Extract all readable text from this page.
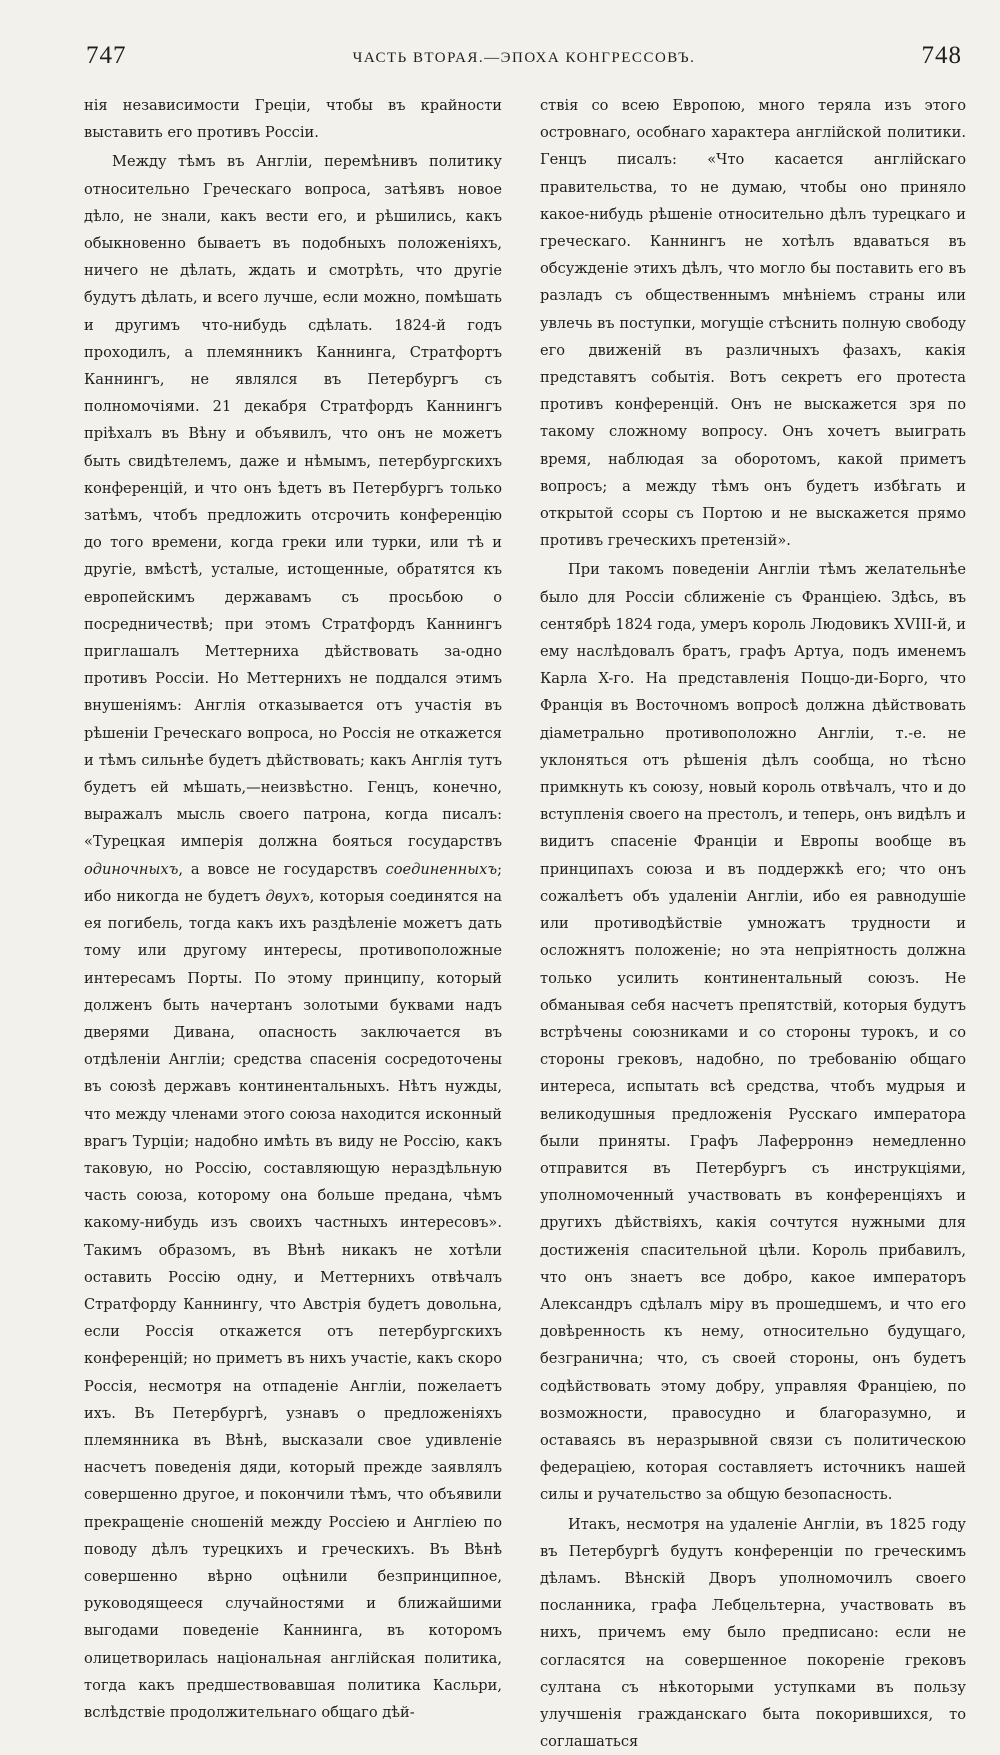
747	ЧАСТЬ ВТОРАЯ.—ЭПОХА КОНГРЕССОВЪ.	748

нія независимости Греціи, чтобы въ крайности выставить его противъ Россіи.

Между тѣмъ въ Англіи, перемѣнивъ политику относительно Греческаго вопроса, затѣявъ новое дѣло, не знали, какъ вести его, и рѣшились, какъ обыкновенно бываетъ въ подобныхъ положеніяхъ, ничего не дѣлать, ждать и смотрѣть, что другіе будутъ дѣлать, и всего лучше, если можно, помѣшать и другимъ что-нибудь сдѣлать. 1824-й годъ проходилъ, а племянникъ Каннинга, Стратфортъ Каннингъ, не являлся въ Петербургъ съ полномочіями. 21 декабря Стратфордъ Каннингъ пріѣхалъ въ Вѣну и объявилъ, что онъ не можетъ быть свидѣтелемъ, даже и нѣмымъ, петербургскихъ конференцій, и что онъ ѣдетъ въ Петербургъ только затѣмъ, чтобъ предложить отсрочить конференцію до того времени, когда греки или турки, или тѣ и другіе, вмѣстѣ, усталые, истощенные, обратятся къ европейскимъ державамъ съ просьбою о посредничествѣ; при этомъ Стратфордъ Каннингъ приглашалъ Меттерниха дѣйствовать за-одно противъ Россіи. Но Меттернихъ не поддался этимъ внушеніямъ: Англія отказывается отъ участія въ рѣшеніи Греческаго вопроса, но Россія не откажется и тѣмъ сильнѣе будетъ дѣйствовать; какъ Англія тутъ будетъ ей мѣшать,—неизвѣстно. Генцъ, конечно, выражалъ мысль своего патрона, когда писалъ: «Турецкая имперія должна бояться государствъ одиночныхъ, а вовсе не государствъ соединенныхъ; ибо никогда не будетъ двухъ, которыя соединятся на ея погибель, тогда какъ ихъ раздѣленіе можетъ дать тому или другому интересы, противоположные интересамъ Порты. По этому принципу, который долженъ быть начертанъ золотыми буквами надъ дверями Дивана, опасность заключается въ отдѣленіи Англіи; средства спасенія сосредоточены въ союзѣ державъ континентальныхъ. Нѣтъ нужды, что между членами этого союза находится исконный врагъ Турціи; надобно имѣть въ виду не Россію, какъ таковую, но Россію, составляющую нераздѣльную часть союза, которому она больше предана, чѣмъ какому-нибудь изъ своихъ частныхъ интересовъ». Такимъ образомъ, въ Вѣнѣ никакъ не хотѣли оставить Россію одну, и Меттернихъ отвѣчалъ Стратфорду Каннингу, что Австрія будетъ довольна, если Россія откажется отъ петербургскихъ конференцій; но приметъ въ нихъ участіе, какъ скоро Россія, несмотря на отпаденіе Англіи, пожелаетъ ихъ. Въ Петербургѣ, узнавъ о предложеніяхъ племянника въ Вѣнѣ, высказали свое удивленіе насчетъ поведенія дяди, который прежде заявлялъ совершенно другое, и покончили тѣмъ, что объявили прекращеніе сношеній между Россіею и Англіею по поводу дѣлъ турецкихъ и греческихъ. Въ Вѣнѣ совершенно вѣрно оцѣнили безпринципное, руководящееся случайностями и ближайшими выгодами поведеніе Каннинга, въ которомъ олицетворилась національная англійская политика, тогда какъ предшествовавшая политика Касльри, вслѣдствіе продолжительнаго общаго дѣй-

ствія со всею Европою, много теряла изъ этого островнаго, особнаго характера англійской политики. Генцъ писалъ: «Что касается англійскаго правительства, то не думаю, чтобы оно приняло какое-нибудь рѣшеніе относительно дѣлъ турецкаго и греческаго. Каннингъ не хотѣлъ вдаваться въ обсужденіе этихъ дѣлъ, что могло бы поставить его въ разладъ съ общественнымъ мнѣніемъ страны или увлечь въ поступки, могущіе стѣснить полную свободу его движеній въ различныхъ фазахъ, какія представятъ событія. Вотъ секретъ его протеста противъ конференцій. Онъ не выскажется зря по такому сложному вопросу. Онъ хочетъ выиграть время, наблюдая за оборотомъ, какой приметъ вопросъ; а между тѣмъ онъ будетъ избѣгать и открытой ссоры съ Портою и не выскажется прямо противъ греческихъ претензій».

При такомъ поведеніи Англіи тѣмъ желательнѣе было для Россіи сближеніе съ Франціею. Здѣсь, въ сентябрѣ 1824 года, умеръ король Людовикъ XVIII-й, и ему наслѣдовалъ братъ, графъ Артуа, подъ именемъ Карла X-го. На представленія Поццо-ди-Борго, что Франція въ Восточномъ вопросѣ должна дѣйствовать діаметрально противоположно Англіи, т.-е. не уклоняться отъ рѣшенія дѣлъ сообща, но тѣсно примкнуть къ союзу, новый король отвѣчалъ, что и до вступленія своего на престолъ, и теперь, онъ видѣлъ и видитъ спасеніе Франціи и Европы вообще въ принципахъ союза и въ поддержкѣ его; что онъ сожалѣетъ объ удаленіи Англіи, ибо ея равнодушіе или противодѣйствіе умножатъ трудности и осложнятъ положеніе; но эта непріятность должна только усилить континентальный союзъ. Не обманывая себя насчетъ препятствій, которыя будутъ встрѣчены союзниками и со стороны турокъ, и со стороны грековъ, надобно, по требованію общаго интереса, испытать всѣ средства, чтобъ мудрыя и великодушныя предложенія Русскаго императора были приняты. Графъ Лаферроннэ немедленно отправится въ Петербургъ съ инструкціями, уполномоченный участвовать въ конференціяхъ и другихъ дѣйствіяхъ, какія сочтутся нужными для достиженія спасительной цѣли. Король прибавилъ, что онъ знаетъ все добро, какое императоръ Александръ сдѣлалъ міру въ прошедшемъ, и что его довѣренность къ нему, относительно будущаго, безгранична; что, съ своей стороны, онъ будетъ содѣйствовать этому добру, управляя Франціею, по возможности, правосудно и благоразумно, и оставаясь въ неразрывной связи съ политическою федераціею, которая составляетъ источникъ нашей силы и ручательство за общую безопасность.

Итакъ, несмотря на удаленіе Англіи, въ 1825 году въ Петербургѣ будутъ конференціи по греческимъ дѣламъ. Вѣнскій Дворъ уполномочилъ своего посланника, графа Лебцельтерна, участвовать въ нихъ, причемъ ему было предписано: если не согласятся на совершенное покореніе грековъ султана съ нѣкоторыми уступками въ пользу улучшенія гражданскаго быта покорившихся, то соглашаться
